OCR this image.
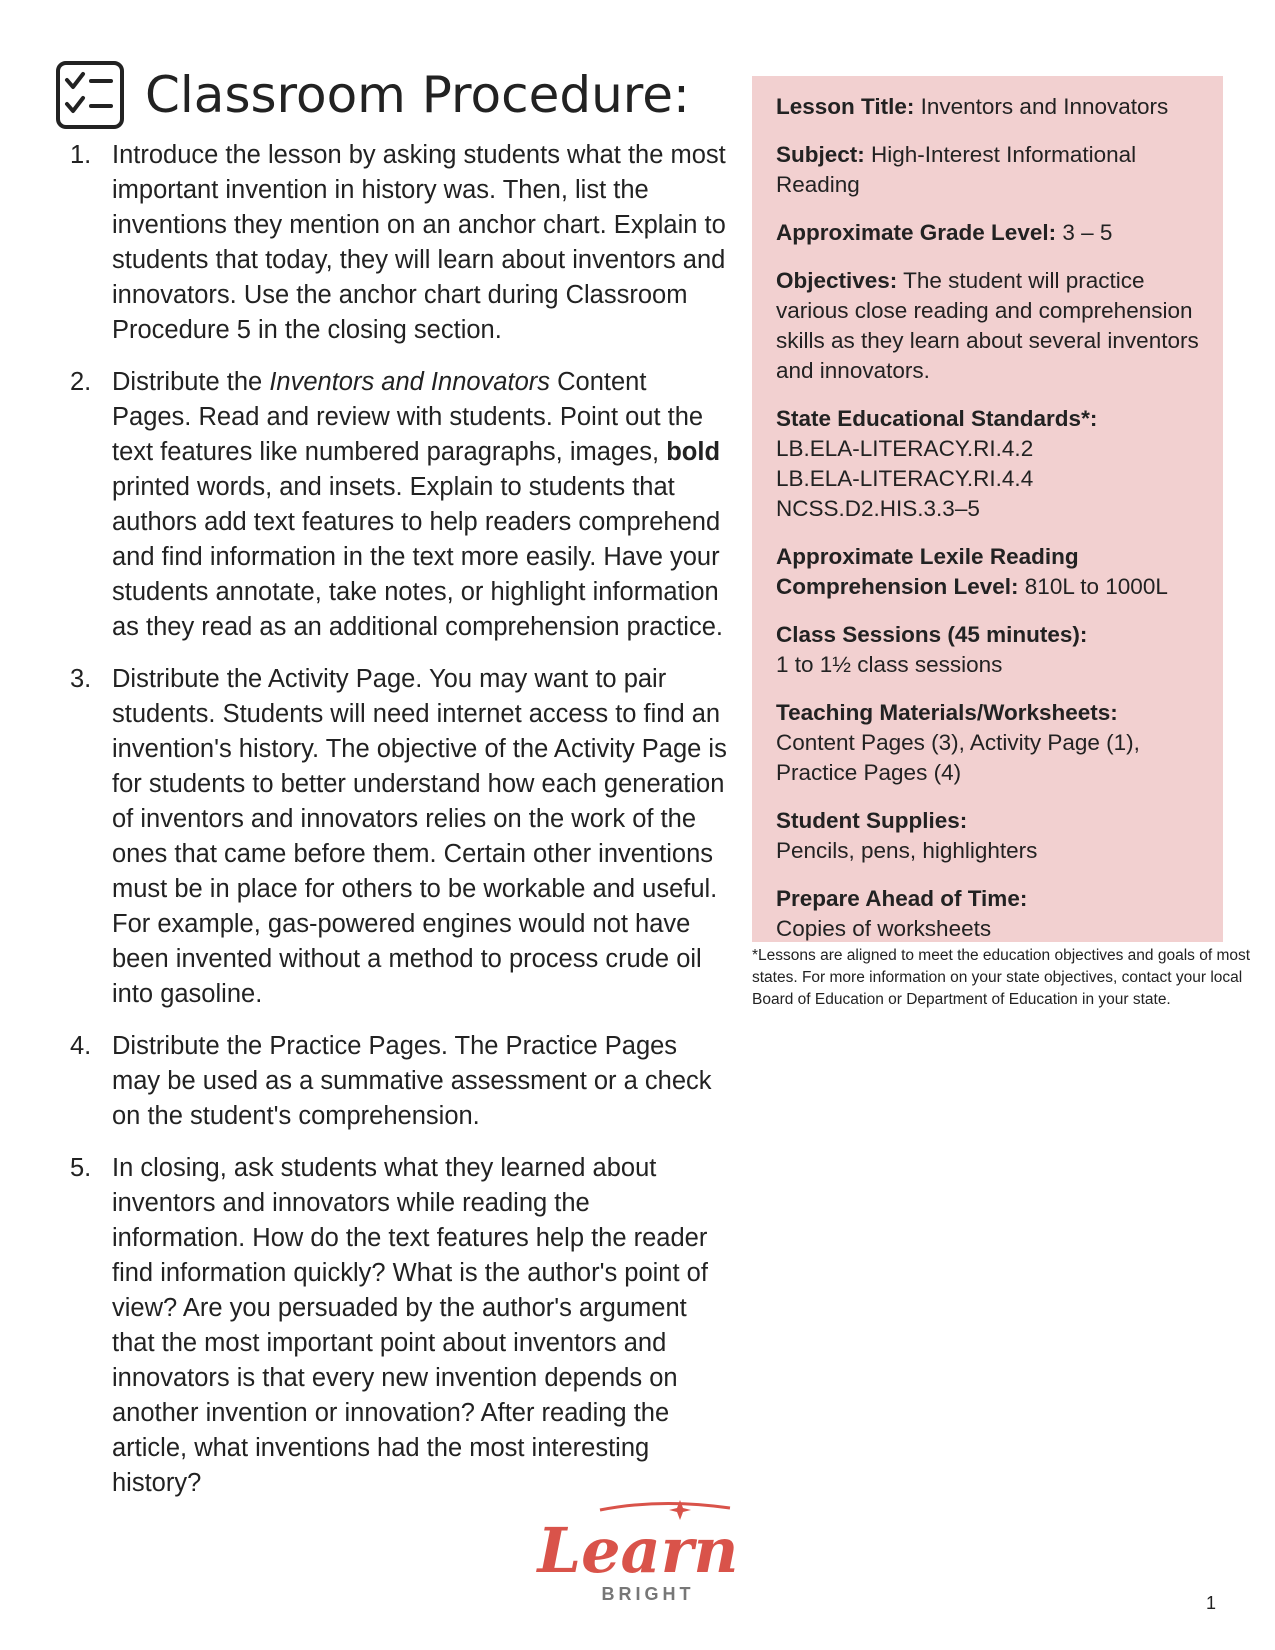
Classroom Procedure:
1. Introduce the lesson by asking students what the most important invention in history was. Then, list the inventions they mention on an anchor chart. Explain to students that today, they will learn about inventors and innovators. Use the anchor chart during Classroom Procedure 5 in the closing section.
2. Distribute the Inventors and Innovators Content Pages. Read and review with students. Point out the text features like numbered paragraphs, images, bold printed words, and insets. Explain to students that authors add text features to help readers comprehend and find information in the text more easily. Have your students annotate, take notes, or highlight information as they read as an additional comprehension practice.
3. Distribute the Activity Page. You may want to pair students. Students will need internet access to find an invention's history. The objective of the Activity Page is for students to better understand how each generation of inventors and innovators relies on the work of the ones that came before them. Certain other inventions must be in place for others to be workable and useful. For example, gas-powered engines would not have been invented without a method to process crude oil into gasoline.
4. Distribute the Practice Pages. The Practice Pages may be used as a summative assessment or a check on the student's comprehension.
5. In closing, ask students what they learned about inventors and innovators while reading the information. How do the text features help the reader find information quickly? What is the author's point of view? Are you persuaded by the author's argument that the most important point about inventors and innovators is that every new invention depends on another invention or innovation? After reading the article, what inventions had the most interesting history?
Lesson Title: Inventors and Innovators
Subject: High-Interest Informational Reading
Approximate Grade Level: 3 – 5
Objectives: The student will practice various close reading and comprehension skills as they learn about several inventors and innovators.
State Educational Standards*:
LB.ELA-LITERACY.RI.4.2
LB.ELA-LITERACY.RI.4.4
NCSS.D2.HIS.3.3–5
Approximate Lexile Reading Comprehension Level: 810L to 1000L
Class Sessions (45 minutes):
1 to 1½ class sessions
Teaching Materials/Worksheets:
Content Pages (3), Activity Page (1), Practice Pages (4)
Student Supplies:
Pencils, pens, highlighters
Prepare Ahead of Time:
Copies of worksheets
*Lessons are aligned to meet the education objectives and goals of most states. For more information on your state objectives, contact your local Board of Education or Department of Education in your state.
Learn
BRIGHT	1
